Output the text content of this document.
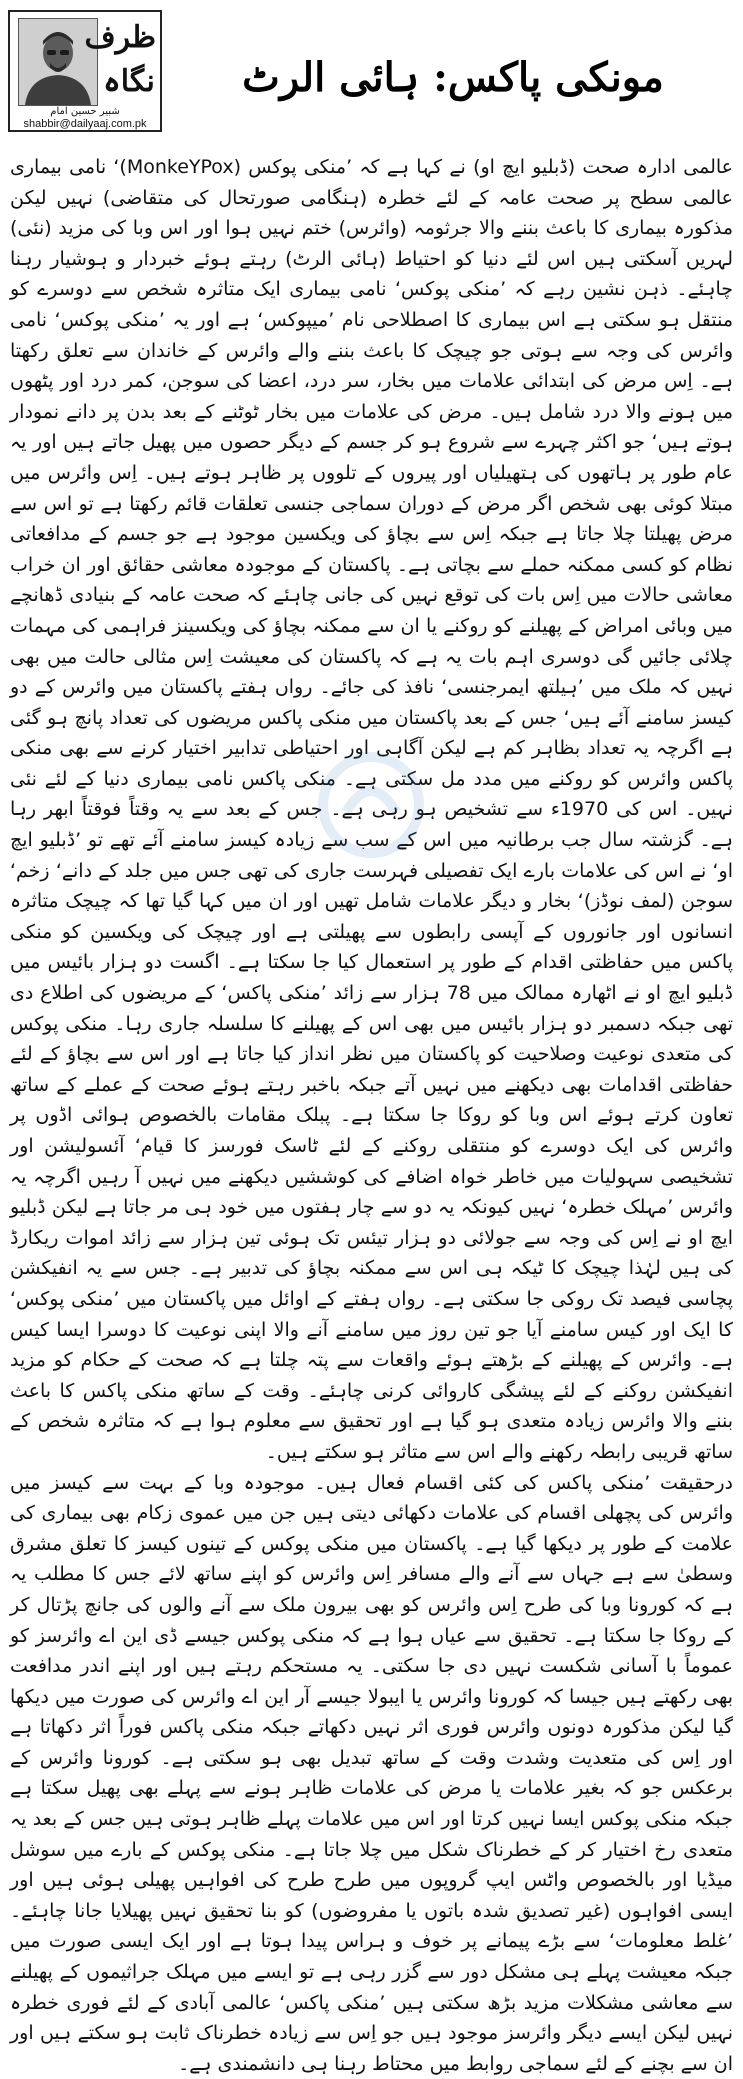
ظرف نگاہ
شبیر حسین امام
shabbir@dailyaaj.com.pk
مونکی پاکس: ہائی الرٹ

عالمی ادارہ صحت (ڈبلیو ایچ او) نے کہا ہے کہ ’منکی پوکس (MonkeYPox)‘ نامی بیماری عالمی سطح پر صحت عامہ کے لئے خطرہ (ہنگامی صورتحال کی متقاضی) نہیں لیکن مذکورہ بیماری کا باعث بننے والا جرثومہ (وائرس) ختم نہیں ہوا اور اس وبا کی مزید (نئی) لہریں آسکتی ہیں اس لئے دنیا کو احتیاط (ہائی الرٹ) رہتے ہوئے خبردار و ہوشیار رہنا چاہئے۔ ذہن نشین رہے کہ ’منکی پوکس‘ نامی بیماری ایک متاثرہ شخص سے دوسرے کو منتقل ہو سکتی ہے اس بیماری کا اصطلاحی نام ’میپوکس‘ ہے اور یہ ’منکی پوکس‘ نامی وائرس کی وجہ سے ہوتی جو چیچک کا باعث بننے والے وائرس کے خاندان سے تعلق رکھتا ہے۔ اِس مرض کی ابتدائی علامات میں بخار، سر درد، اعضا کی سوجن، کمر درد اور پٹھوں میں ہونے والا درد شامل ہیں۔ مرض کی علامات میں بخار ٹوٹنے کے بعد بدن پر دانے نمودار ہوتے ہیں‘ جو اکثر چہرے سے شروع ہو کر جسم کے دیگر حصوں میں پھیل جاتے ہیں اور یہ عام طور پر ہاتھوں کی ہتھیلیاں اور پیروں کے تلووں پر ظاہر ہوتے ہیں۔ اِس وائرس میں مبتلا کوئی بھی شخص اگر مرض کے دوران سماجی جنسی تعلقات قائم رکھتا ہے تو اس سے مرض پھیلتا چلا جاتا ہے جبکہ اِس سے بچاؤ کی ویکسین موجود ہے جو جسم کے مدافعاتی نظام کو کسی ممکنہ حملے سے بچاتی ہے۔ پاکستان کے موجودہ معاشی حقائق اور ان خراب معاشی حالات میں اِس بات کی توقع نہیں کی جانی چاہئے کہ صحت عامہ کے بنیادی ڈھانچے میں وبائی امراض کے پھیلنے کو روکنے یا ان سے ممکنہ بچاؤ کی ویکسینز فراہمی کی مہمات چلائی جائیں گی دوسری اہم بات یہ ہے کہ پاکستان کی معیشت اِس مثالی حالت میں بھی نہیں کہ ملک میں ’ہیلتھ ایمرجنسی‘ نافذ کی جائے۔ رواں ہفتے پاکستان میں وائرس کے دو کیسز سامنے آئے ہیں‘ جس کے بعد پاکستان میں منکی پاکس مریضوں کی تعداد پانچ ہو گئی ہے اگرچہ یہ تعداد بظاہر کم ہے لیکن آگاہی اور احتیاطی تدابیر اختیار کرنے سے بھی منکی پاکس وائرس کو روکنے میں مدد مل سکتی ہے۔ منکی پاکس نامی بیماری دنیا کے لئے نئی نہیں۔ اس کی 1970ء سے تشخیص ہو رہی ہے۔ جس کے بعد سے یہ وقتاً فوقتاً ابھر رہا ہے۔ گزشتہ سال جب برطانیہ میں اس کے سب سے زیادہ کیسز سامنے آئے تھے تو ’ڈبلیو ایچ او‘ نے اس کی علامات بارے ایک تفصیلی فہرست جاری کی تھی جس میں جلد کے دانے‘ زخم‘ سوجن (لمف نوڈز)‘ بخار و دیگر علامات شامل تھیں اور ان میں کہا گیا تھا کہ چیچک متاثرہ انسانوں اور جانوروں کے آپسی رابطوں سے پھیلتی ہے اور چیچک کی ویکسین کو منکی پاکس میں حفاظتی اقدام کے طور پر استعمال کیا جا سکتا ہے۔ اگست دو ہزار بائیس میں ڈبلیو ایچ او نے اٹھارہ ممالک میں 78 ہزار سے زائد ’منکی پاکس‘ کے مریضوں کی اطلاع دی تھی جبکہ دسمبر دو ہزار بائیس میں بھی اس کے پھیلنے کا سلسلہ جاری رہا۔ منکی پوکس کی متعدی نوعیت وصلاحیت کو پاکستان میں نظر انداز کیا جاتا ہے اور اس سے بچاؤ کے لئے حفاظتی اقدامات بھی دیکھنے میں نہیں آتے جبکہ باخبر رہتے ہوئے صحت کے عملے کے ساتھ تعاون کرتے ہوئے اس وبا کو روکا جا سکتا ہے۔ پبلک مقامات بالخصوص ہوائی اڈوں پر وائرس کی ایک دوسرے کو منتقلی روکنے کے لئے ٹاسک فورسز کا قیام‘ آئسولیشن اور تشخیصی سہولیات میں خاطر خواہ اضافے کی کوششیں دیکھنے میں نہیں آ رہیں اگرچہ یہ وائرس ’مہلک خطرہ‘ نہیں کیونکہ یہ دو سے چار ہفتوں میں خود ہی مر جاتا ہے لیکن ڈبلیو ایچ او نے اِس کی وجہ سے جولائی دو ہزار تیئس تک ہوئی تین ہزار سے زائد اموات ریکارڈ کی ہیں لہٰذا چیچک کا ٹیکہ ہی اس سے ممکنہ بچاؤ کی تدبیر ہے۔ جس سے یہ انفیکشن پچاسی فیصد تک روکی جا سکتی ہے۔ رواں ہفتے کے اوائل میں پاکستان میں ’منکی پوکس‘ کا ایک اور کیس سامنے آیا جو تین روز میں سامنے آنے والا اپنی نوعیت کا دوسرا ایسا کیس ہے۔ وائرس کے پھیلنے کے بڑھتے ہوئے واقعات سے پتہ چلتا ہے کہ صحت کے حکام کو مزید انفیکشن روکنے کے لئے پیشگی کاروائی کرنی چاہئے۔ وقت کے ساتھ منکی پاکس کا باعث بننے والا وائرس زیادہ متعدی ہو گیا ہے اور تحقیق سے معلوم ہوا ہے کہ متاثرہ شخص کے ساتھ قریبی رابطہ رکھنے والے اس سے متاثر ہو سکتے ہیں۔

درحقیقت ’منکی پاکس کی کئی اقسام فعال ہیں۔ موجودہ وبا کے بہت سے کیسز میں وائرس کی پچھلی اقسام کی علامات دکھائی دیتی ہیں جن میں عموی زکام بھی بیماری کی علامت کے طور پر دیکھا گیا ہے۔ پاکستان میں منکی پوکس کے تینوں کیسز کا تعلق مشرق وسطیٰ سے ہے جہاں سے آنے والے مسافر اِس وائرس کو اپنے ساتھ لائے جس کا مطلب یہ ہے کہ کورونا وبا کی طرح اِس وائرس کو بھی بیرون ملک سے آنے والوں کی جانچ پڑتال کر کے روکا جا سکتا ہے۔ تحقیق سے عیاں ہوا ہے کہ منکی پوکس جیسے ڈی این اے وائرسز کو عموماً با آسانی شکست نہیں دی جا سکتی۔ یہ مستحکم رہتے ہیں اور اپنے اندر مدافعت بھی رکھتے ہیں جیسا کہ کورونا وائرس یا ایبولا جیسے آر این اے وائرس کی صورت میں دیکھا گیا لیکن مذکورہ دونوں وائرس فوری اثر نہیں دکھاتے جبکہ منکی پاکس فوراً اثر دکھاتا ہے اور اِس کی متعدیت وشدت وقت کے ساتھ تبدیل بھی ہو سکتی ہے۔ کورونا وائرس کے برعکس جو کہ بغیر علامات یا مرض کی علامات ظاہر ہونے سے پہلے بھی پھیل سکتا ہے جبکہ منکی پوکس ایسا نہیں کرتا اور اس میں علامات پہلے ظاہر ہوتی ہیں جس کے بعد یہ متعدی رخ اختیار کر کے خطرناک شکل میں چلا جاتا ہے۔ منکی پوکس کے بارے میں سوشل میڈیا اور بالخصوص واٹس ایپ گروپوں میں طرح طرح کی افواہیں پھیلی ہوئی ہیں اور ایسی افواہوں (غیر تصدیق شدہ باتوں یا مفروضوں) کو بنا تحقیق نہیں پھیلایا جانا چاہئے۔ ’غلط معلومات‘ سے بڑے پیمانے پر خوف و ہراس پیدا ہوتا ہے اور ایک ایسی صورت میں جبکہ معیشت پہلے ہی مشکل دور سے گزر رہی ہے تو ایسے میں مہلک جراثیموں کے پھیلنے سے معاشی مشکلات مزید بڑھ سکتی ہیں ’منکی پاکس‘ عالمی آبادی کے لئے فوری خطرہ نہیں لیکن ایسے دیگر وائرسز موجود ہیں جو اِس سے زیادہ خطرناک ثابت ہو سکتے ہیں اور ان سے بچنے کے لئے سماجی روابط میں محتاط رہنا ہی دانشمندی ہے۔
